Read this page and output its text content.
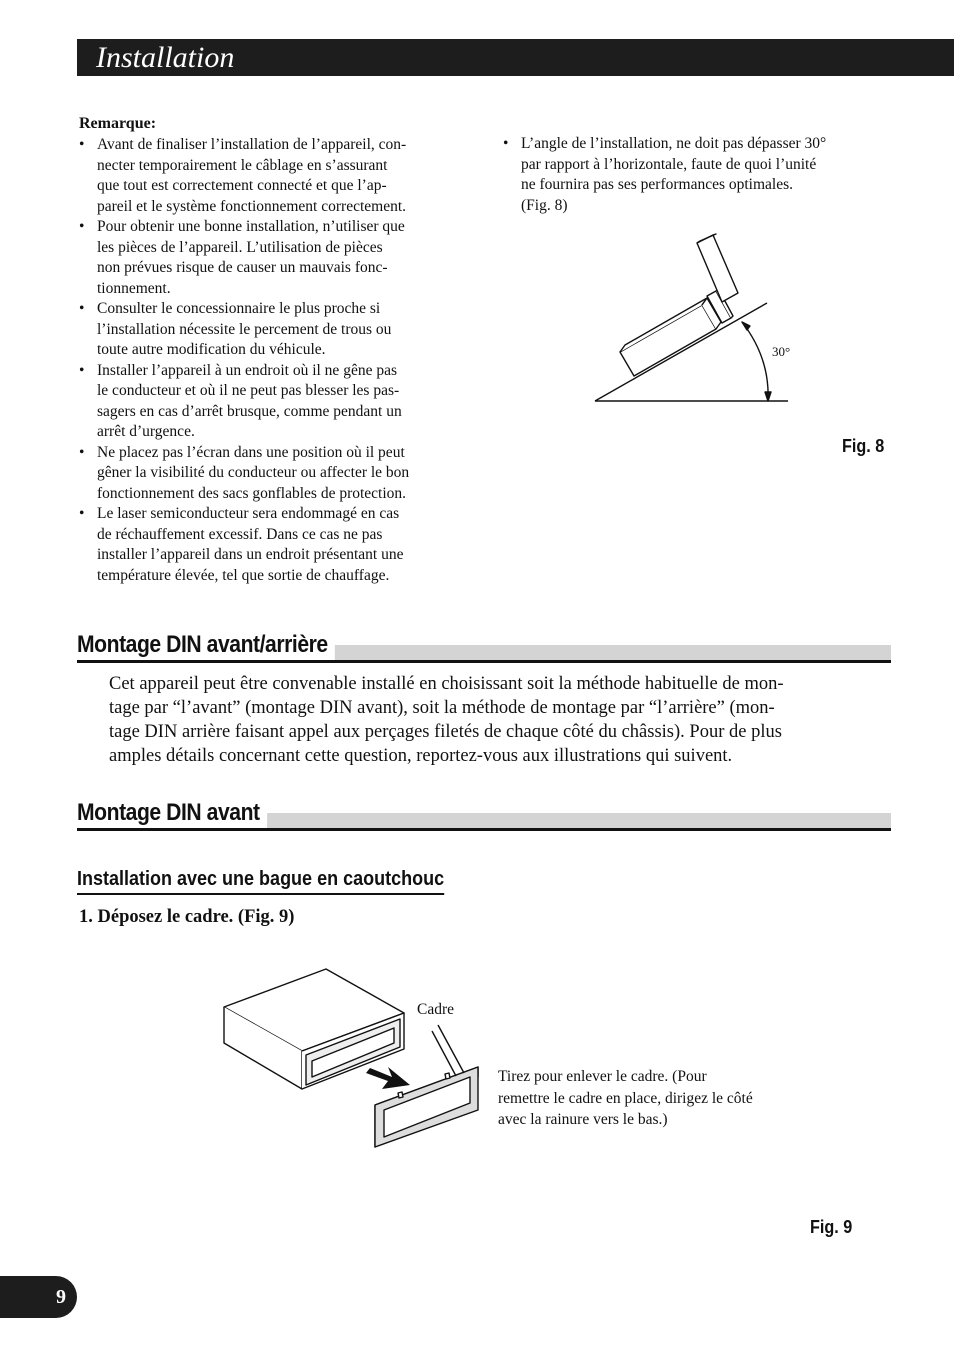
Installation
Remarque:
• Avant de finaliser l’installation de l’appareil, con-
necter temporairement le câblage en s’assurant
que tout est correctement connecté et que l’ap-
pareil et le système fonctionnement correctement.
• Pour obtenir une bonne installation, n’utiliser que
les pièces de l’appareil. L’utilisation de pièces
non prévues risque de causer un mauvais fonc-
tionnement.
• Consulter le concessionnaire le plus proche si
l’installation nécessite le percement de trous ou
toute autre modification du véhicule.
• Installer l’appareil à un endroit où il ne gêne pas
le conducteur et où il ne peut pas blesser les pas-
sagers en cas d’arrêt brusque, comme pendant un
arrêt d’urgence.
• Ne placez pas l’écran dans une position où il peut
gêner la visibilité du conducteur ou affecter le bon
fonctionnement des sacs gonflables de protection.
• Le laser semiconducteur sera endommagé en cas
de réchauffement excessif. Dans ce cas ne pas
installer l’appareil dans un endroit présentant une
température élevée, tel que sortie de chauffage.
• L’angle de l’installation, ne doit pas dépasser 30°
par rapport à l’horizontale, faute de quoi l’unité
ne fournira pas ses performances optimales.
(Fig. 8)
30°
Fig. 8
Montage DIN avant/arrière
Cet appareil peut être convenable installé en choisissant soit la méthode habituelle de mon-
tage par “l’avant” (montage DIN avant), soit la méthode de montage par “l’arrière” (mon-
tage DIN arrière faisant appel aux perçages filetés de chaque côté du châssis). Pour de plus
amples détails concernant cette question, reportez-vous aux illustrations qui suivent.
Montage DIN avant
Installation avec une bague en caoutchouc
1. Déposez le cadre. (Fig. 9)
Cadre
Tirez pour enlever le cadre. (Pour
remettre le cadre en place, dirigez le côté
avec la rainure vers le bas.)
Fig. 9
9
